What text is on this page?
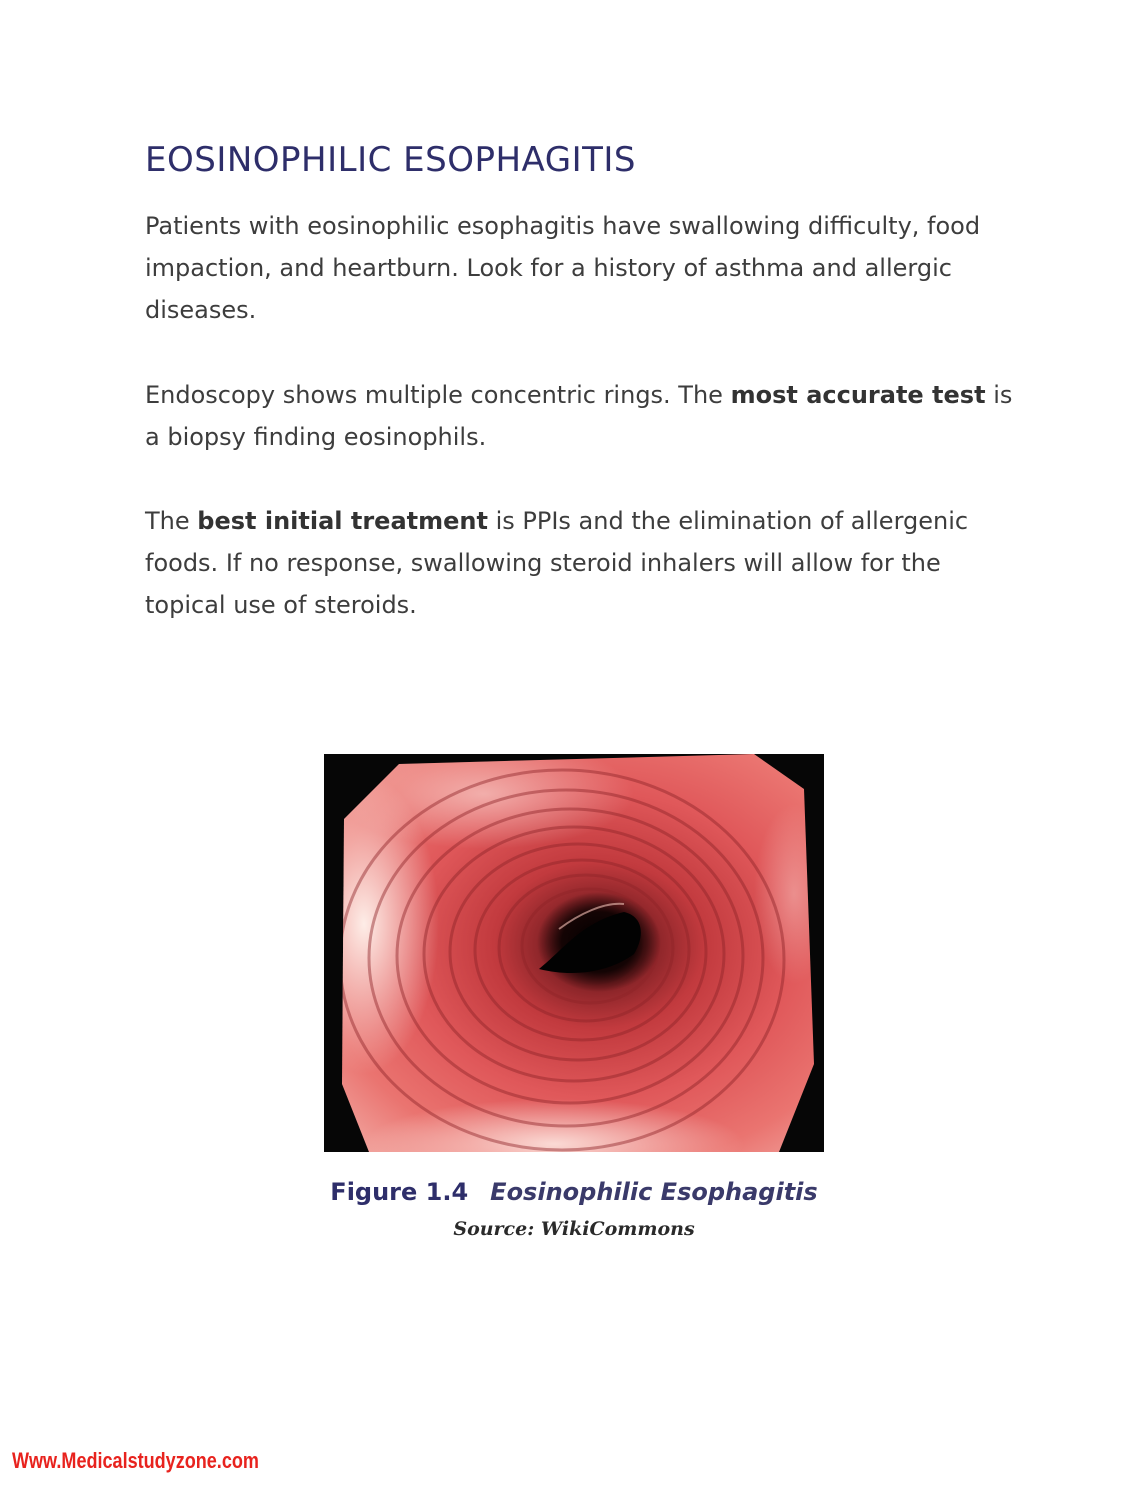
EOSINOPHILIC ESOPHAGITIS

Patients with eosinophilic esophagitis have swallowing difficulty, food impaction, and heartburn. Look for a history of asthma and allergic diseases.

Endoscopy shows multiple concentric rings. The most accurate test is a biopsy finding eosinophils.

The best initial treatment is PPIs and the elimination of allergenic foods. If no response, swallowing steroid inhalers will allow for the topical use of steroids.

Figure 1.4 Eosinophilic Esophagitis
Source: WikiCommons
Www.Medicalstudyzone.com
